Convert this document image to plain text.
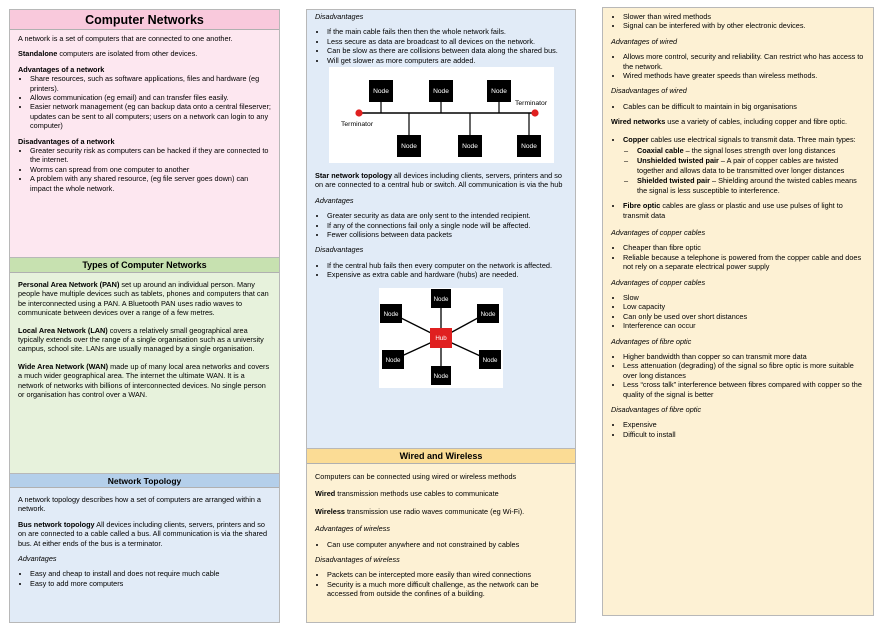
Computer Networks

A network is a set of computers that are connected to one another.

Standalone computers are isolated from other devices.

Advantages of a network

• Share resources, such as software applications, files and hardware (eg printers).
• Allows communication (eg email) and can transfer files easily.
• Easier network management (eg can backup data onto a central fileserver; updates can be sent to all computers; users on a network can login to any computer)

Disadvantages of a network

• Greater security risk as computers can be hacked if they are connected to the internet.
• Worms can spread from one computer to another
• A problem with any shared resource, (eg file server goes down) can impact the whole network.
Types of Computer Networks

Personal Area Network (PAN) set up around an individual person. Many people have multiple devices such as tablets, phones and computers that can be interconnected using a PAN. A Bluetooth PAN uses radio waves to communicate between devices over a range of a few metres.

Local Area Network (LAN) covers a relatively small geographical area typically extends over the range of a single organisation such as a university campus, school site. LANs are usually managed by a single organisation.

Wide Area Network (WAN) made up of many local area networks and covers a much wider geographical area. The internet the ultimate WAN. It is a network of networks with billions of interconnected devices. No single person or organisation has control over a WAN.

Network Topology

A network topology describes how a set of computers are arranged within a network.

Bus network topology All devices including clients, servers, printers and so on are connected to a cable called a bus. All communication is via the shared bus. At either ends of the bus is a terminator.

Advantages

• Easy and cheap to install and does not require much cable
• Easy to add more computers

Disadvantages

• If the main cable fails then then the whole network fails.
• Less secure as data are broadcast to all devices on the network.
• Can be slow as there are collisions between data along the shared bus.
• Will get slower as more computers are added.
Node	Node	Node
Node	Node	Node
Terminator
Terminator

Star network topology all devices including clients, servers, printers and so on are connected to a central hub or switch. All communication is via the hub

Advantages

• Greater security as data are only sent to the intended recipient.
• If any of the connections fail only a single node will be affected.
• Fewer collisions between data packets

Disadvantages

• If the central hub fails then every computer on the network is affected.
• Expensive as extra cable and hardware (hubs) are needed.
Node
Node	Node
Node	Node
Node
Hub
Wired and Wireless

Computers can be connected using wired or wireless methods

Wired transmission methods use cables to communicate

Wireless transmission use radio waves communicate (eg Wi-Fi).

Advantages of wireless

• Can use computer anywhere and not constrained by cables

Disadvantages of wireless

• Packets can be intercepted more easily than wired connections
• Security is a much more difficult challenge, as the network can be accessed from outside the confines of a building.
• Slower than wired methods
• Signal can be interfered with by other electronic devices.

Advantages of wired

• Allows more control, security and reliability. Can restrict who has access to the network.
• Wired methods have greater speeds than wireless methods.

Disadvantages of wired

• Cables can be difficult to maintain in big organisations

Wired networks use a variety of cables, including copper and fibre optic.

• Copper cables use electrical signals to transmit data. Three main types:
– Coaxial cable – the signal loses strength over long distances
– Unshielded twisted pair – A pair of copper cables are twisted together and allows data to be transmitted over longer distances
– Shielded twisted pair – Shielding around the twisted cables means the signal is less susceptible to interference.
• Fibre optic cables are glass or plastic and use use pulses of light to transmit data

Advantages of copper cables

• Cheaper than fibre optic
• Reliable because a telephone is powered from the copper cable and does not rely on a separate electrical power supply

Advantages of copper cables

• Slow
• Low capacity
• Can only be used over short distances
• Interference can occur

Advantages of fibre optic

• Higher bandwidth than copper so can transmit more data
• Less attenuation (degrading) of the signal so fibre optic is more suitable over long distances
• Less “cross talk” interference between fibres compared with copper so the quality of the signal is better

Disadvantages of fibre optic

• Expensive
• Difficult to install
